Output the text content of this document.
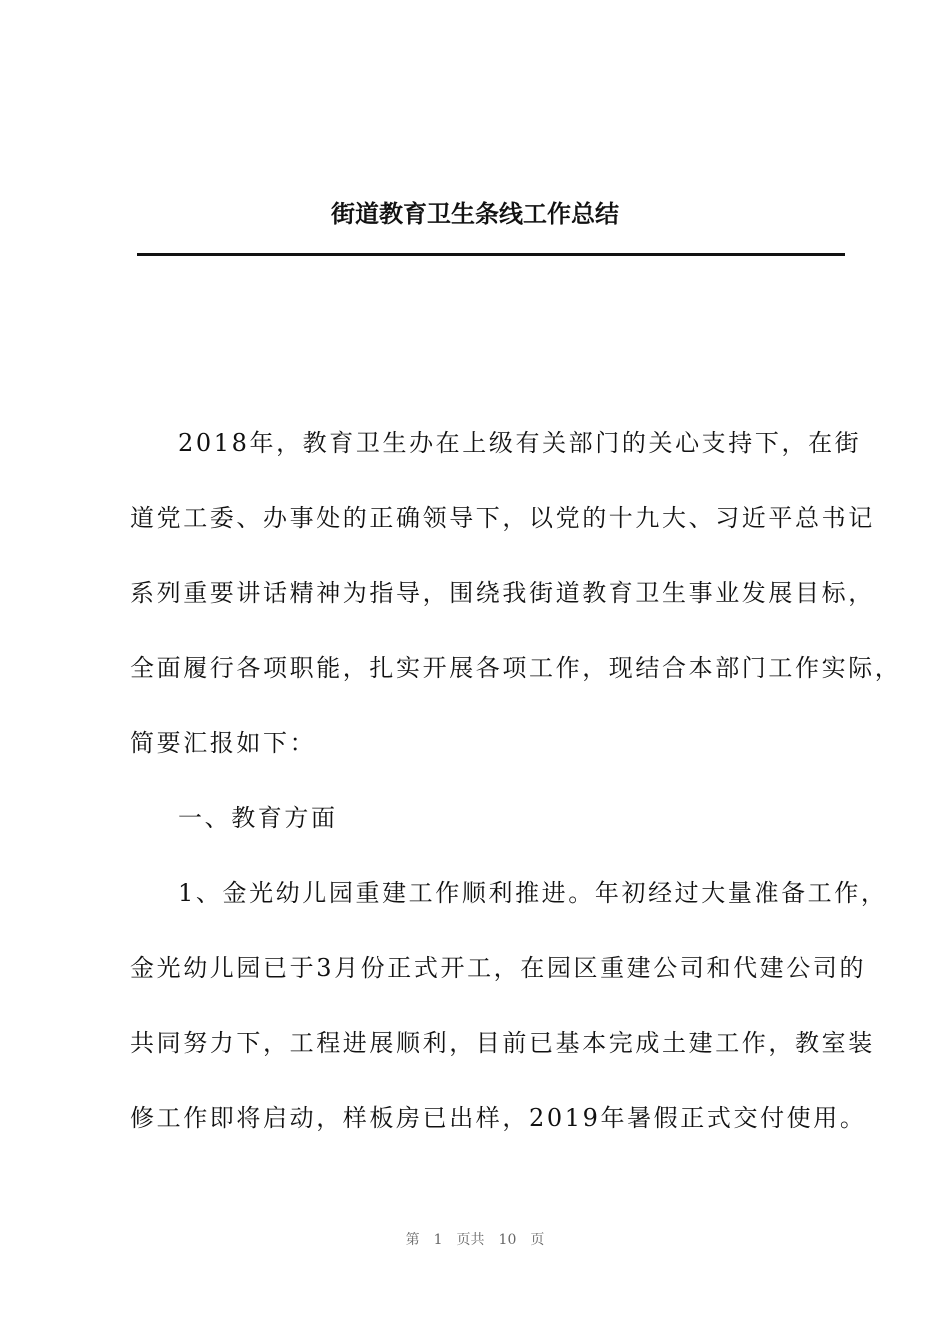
街道教育卫生条线工作总结
2018年，教育卫生办在上级有关部门的关心支持下，在街
道党工委、办事处的正确领导下，以党的十九大、习近平总书记
系列重要讲话精神为指导，围绕我街道教育卫生事业发展目标，
全面履行各项职能，扎实开展各项工作，现结合本部门工作实际，
简要汇报如下：
一、教育方面
1、金光幼儿园重建工作顺利推进。年初经过大量准备工作，
金光幼儿园已于3月份正式开工，在园区重建公司和代建公司的
共同努力下，工程进展顺利，目前已基本完成土建工作，教室装
修工作即将启动，样板房已出样，2019年暑假正式交付使用。
第 1 页共 10 页
